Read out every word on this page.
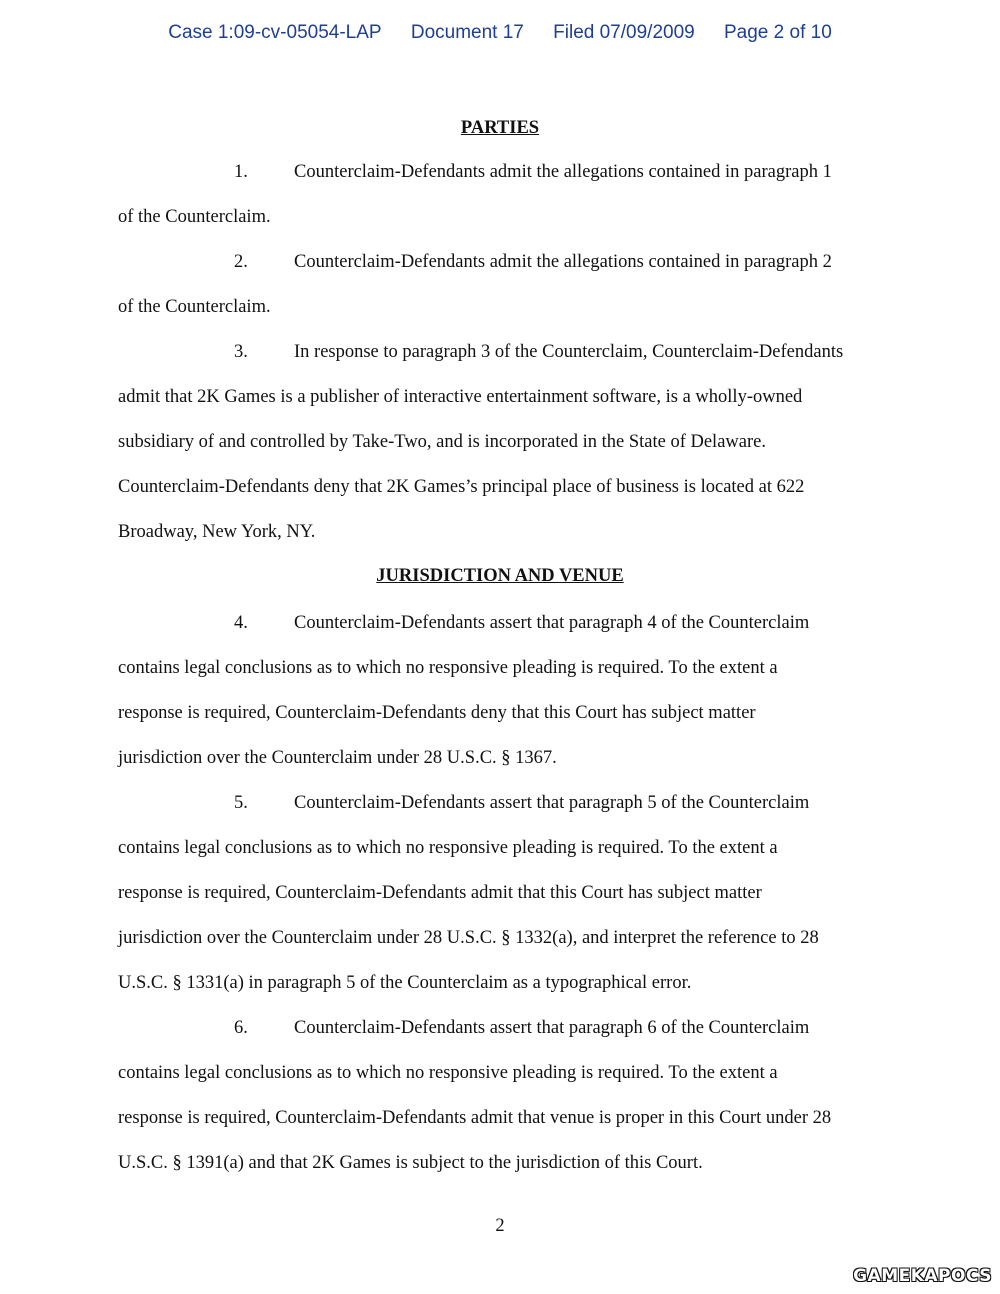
Case 1:09-cv-05054-LAP Document 17 Filed 07/09/2009 Page 2 of 10
PARTIES
1. Counterclaim-Defendants admit the allegations contained in paragraph 1
of the Counterclaim.
2. Counterclaim-Defendants admit the allegations contained in paragraph 2
of the Counterclaim.
3. In response to paragraph 3 of the Counterclaim, Counterclaim-Defendants
admit that 2K Games is a publisher of interactive entertainment software, is a wholly-owned
subsidiary of and controlled by Take-Two, and is incorporated in the State of Delaware.
Counterclaim-Defendants deny that 2K Games’s principal place of business is located at 622
Broadway, New York, NY.
JURISDICTION AND VENUE
4. Counterclaim-Defendants assert that paragraph 4 of the Counterclaim
contains legal conclusions as to which no responsive pleading is required. To the extent a
response is required, Counterclaim-Defendants deny that this Court has subject matter
jurisdiction over the Counterclaim under 28 U.S.C. § 1367.
5. Counterclaim-Defendants assert that paragraph 5 of the Counterclaim
contains legal conclusions as to which no responsive pleading is required. To the extent a
response is required, Counterclaim-Defendants admit that this Court has subject matter
jurisdiction over the Counterclaim under 28 U.S.C. § 1332(a), and interpret the reference to 28
U.S.C. § 1331(a) in paragraph 5 of the Counterclaim as a typographical error.
6. Counterclaim-Defendants assert that paragraph 6 of the Counterclaim
contains legal conclusions as to which no responsive pleading is required. To the extent a
response is required, Counterclaim-Defendants admit that venue is proper in this Court under 28
U.S.C. § 1391(a) and that 2K Games is subject to the jurisdiction of this Court.
2
GAMEKAPOCS
